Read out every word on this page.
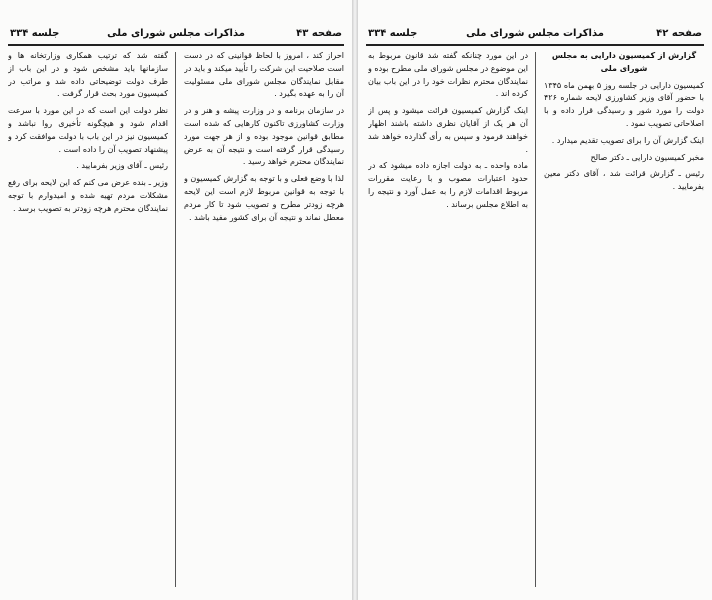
صفحه ۴۳
مذاکرات مجلس شورای ملی
جلسه ۳۳۴

احراز کند ، امروز با لحاظ قوانینی که در دست است صلاحیت این شرکت را تأیید میکند و باید در مقابل نمایندگان مجلس شورای ملی مسئولیت آن را به عهده بگیرد .

در سازمان برنامه و در وزارت پیشه و هنر و در وزارت کشاورزی تاکنون کارهایی که شده است مطابق قوانین موجود بوده و از هر جهت مورد رسیدگی قرار گرفته است و نتیجه آن به عرض نمایندگان محترم خواهد رسید .

لذا با وضع فعلی و با توجه به گزارش کمیسیون و با توجه به قوانین مربوط لازم است این لایحه هرچه زودتر مطرح و تصویب شود تا کار مردم معطل نماند و نتیجه آن برای کشور مفید باشد .

گفته شد که ترتیب همکاری وزارتخانه ها و سازمانها باید مشخص شود و در این باب از طرف دولت توضیحاتی داده شد و مراتب در کمیسیون مورد بحث قرار گرفت .

نظر دولت این است که در این مورد با سرعت اقدام شود و هیچگونه تأخیری روا نباشد و کمیسیون نیز در این باب با دولت موافقت کرد و پیشنهاد تصویب آن را داده است .

رئیس ـ آقای وزیر بفرمایید .

وزیر ـ بنده عرض می کنم که این لایحه برای رفع مشکلات مردم تهیه شده و امیدوارم با توجه نمایندگان محترم هرچه زودتر به تصویب برسد .

صفحه ۴۲
مذاکرات مجلس شورای ملی
جلسه ۳۳۴

گزارش از کمیسیون دارایی به مجلس شورای ملی

کمیسیون دارایی در جلسه روز ۵ بهمن ماه ۱۳۴۵ با حضور آقای وزیر کشاورزی لایحه شماره ۴۲۶ دولت را مورد شور و رسیدگی قرار داده و با اصلاحاتی تصویب نمود .

اینک گزارش آن را برای تصویب تقدیم میدارد .

مخبر کمیسیون دارایی ـ دکتر صالح

رئیس ـ گزارش قرائت شد ، آقای دکتر معین بفرمایید .

در این مورد چنانکه گفته شد قانون مربوط به این موضوع در مجلس شورای ملی مطرح بوده و نمایندگان محترم نظرات خود را در این باب بیان کرده اند .

اینک گزارش کمیسیون قرائت میشود و پس از آن هر یک از آقایان نظری داشته باشند اظهار خواهند فرمود و سپس به رأی گذارده خواهد شد .

ماده واحده ـ به دولت اجازه داده میشود که در حدود اعتبارات مصوب و با رعایت مقررات مربوط اقدامات لازم را به عمل آورد و نتیجه را به اطلاع مجلس برساند .
